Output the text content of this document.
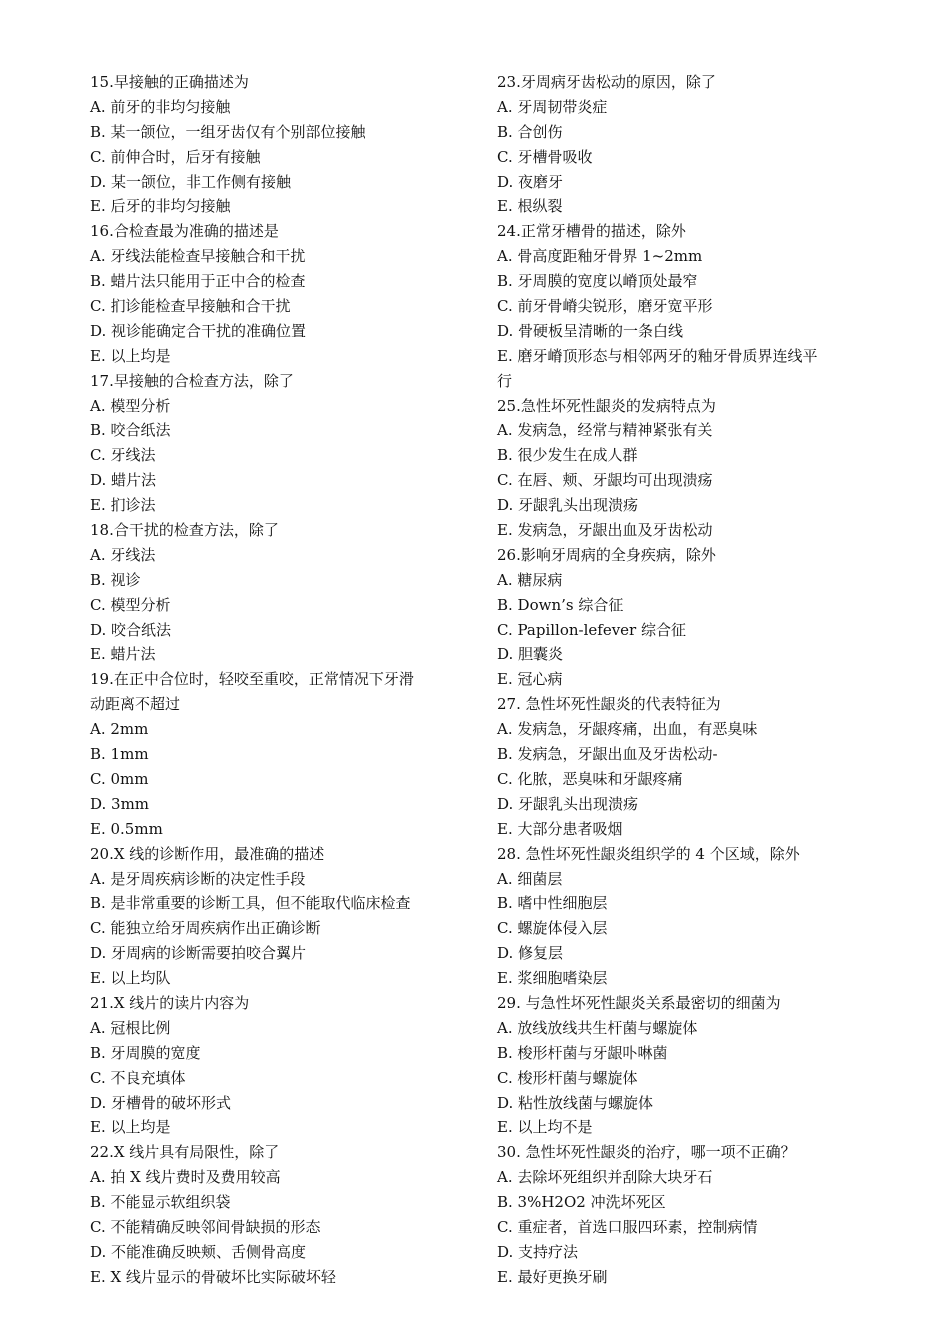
15.早接触的正确描述为
A. 前牙的非均匀接触
B. 某一颌位，一组牙齿仅有个别部位接触
C. 前伸合时，后牙有接触
D. 某一颌位，非工作侧有接触
E. 后牙的非均匀接触
16.合检查最为准确的描述是
A. 牙线法能检查早接触合和干扰
B. 蜡片法只能用于正中合的检查
C. 扪诊能检查早接触和合干扰
D. 视诊能确定合干扰的准确位置
E. 以上均是
17.早接触的合检查方法，除了
A. 模型分析
B. 咬合纸法
C. 牙线法
D. 蜡片法
E. 扪诊法
18.合干扰的检查方法，除了
A. 牙线法
B. 视诊
C. 模型分析
D. 咬合纸法
E. 蜡片法
19.在正中合位时，轻咬至重咬，正常情况下牙滑
动距离不超过
A. 2mm
B. 1mm
C. 0mm
D. 3mm
E. 0.5mm
20.X 线的诊断作用，最准确的描述
A. 是牙周疾病诊断的决定性手段
B. 是非常重要的诊断工具，但不能取代临床检查
C. 能独立给牙周疾病作出正确诊断
D. 牙周病的诊断需要拍咬合翼片
E. 以上均队
21.X 线片的读片内容为
A. 冠根比例
B. 牙周膜的宽度
C. 不良充填体
D. 牙槽骨的破坏形式
E. 以上均是
22.X 线片具有局限性，除了
A. 拍 X 线片费时及费用较高
B. 不能显示软组织袋
C. 不能精确反映邻间骨缺损的形态
D. 不能准确反映颊、舌侧骨高度
E. X 线片显示的骨破坏比实际破坏轻
23.牙周病牙齿松动的原因，除了
A. 牙周韧带炎症
B. 合创伤
C. 牙槽骨吸收
D. 夜磨牙
E. 根纵裂
24.正常牙槽骨的描述，除外
A. 骨高度距釉牙骨界 1~2mm
B. 牙周膜的宽度以嵴顶处最窄
C. 前牙骨嵴尖锐形，磨牙宽平形
D. 骨硬板呈清晰的一条白线
E. 磨牙嵴顶形态与相邻两牙的釉牙骨质界连线平
行
25.急性坏死性龈炎的发病特点为
A. 发病急，经常与精神紧张有关
B. 很少发生在成人群
C. 在唇、颊、牙龈均可出现溃疡
D. 牙龈乳头出现溃疡
E. 发病急，牙龈出血及牙齿松动
26.影响牙周病的全身疾病，除外
A. 糖尿病
B. Down’s 综合征
C. Papillon-lefever 综合征
D. 胆囊炎
E. 冠心病
27. 急性坏死性龈炎的代表特征为
A. 发病急，牙龈疼痛，出血，有恶臭味
B. 发病急，牙龈出血及牙齿松动-
C. 化脓，恶臭味和牙龈疼痛
D. 牙龈乳头出现溃疡
E. 大部分患者吸烟
28. 急性坏死性龈炎组织学的 4 个区域，除外
A. 细菌层
B. 嗜中性细胞层
C. 螺旋体侵入层
D. 修复层
E. 浆细胞嗜染层
29. 与急性坏死性龈炎关系最密切的细菌为
A. 放线放线共生杆菌与螺旋体
B. 梭形杆菌与牙龈卟啉菌
C. 梭形杆菌与螺旋体
D. 粘性放线菌与螺旋体
E. 以上均不是
30. 急性坏死性龈炎的治疗，哪一项不正确？
A. 去除坏死组织并刮除大块牙石
B. 3%H2O2 冲洗坏死区
C. 重症者，首选口服四环素，控制病情
D. 支持疗法
E. 最好更换牙刷
